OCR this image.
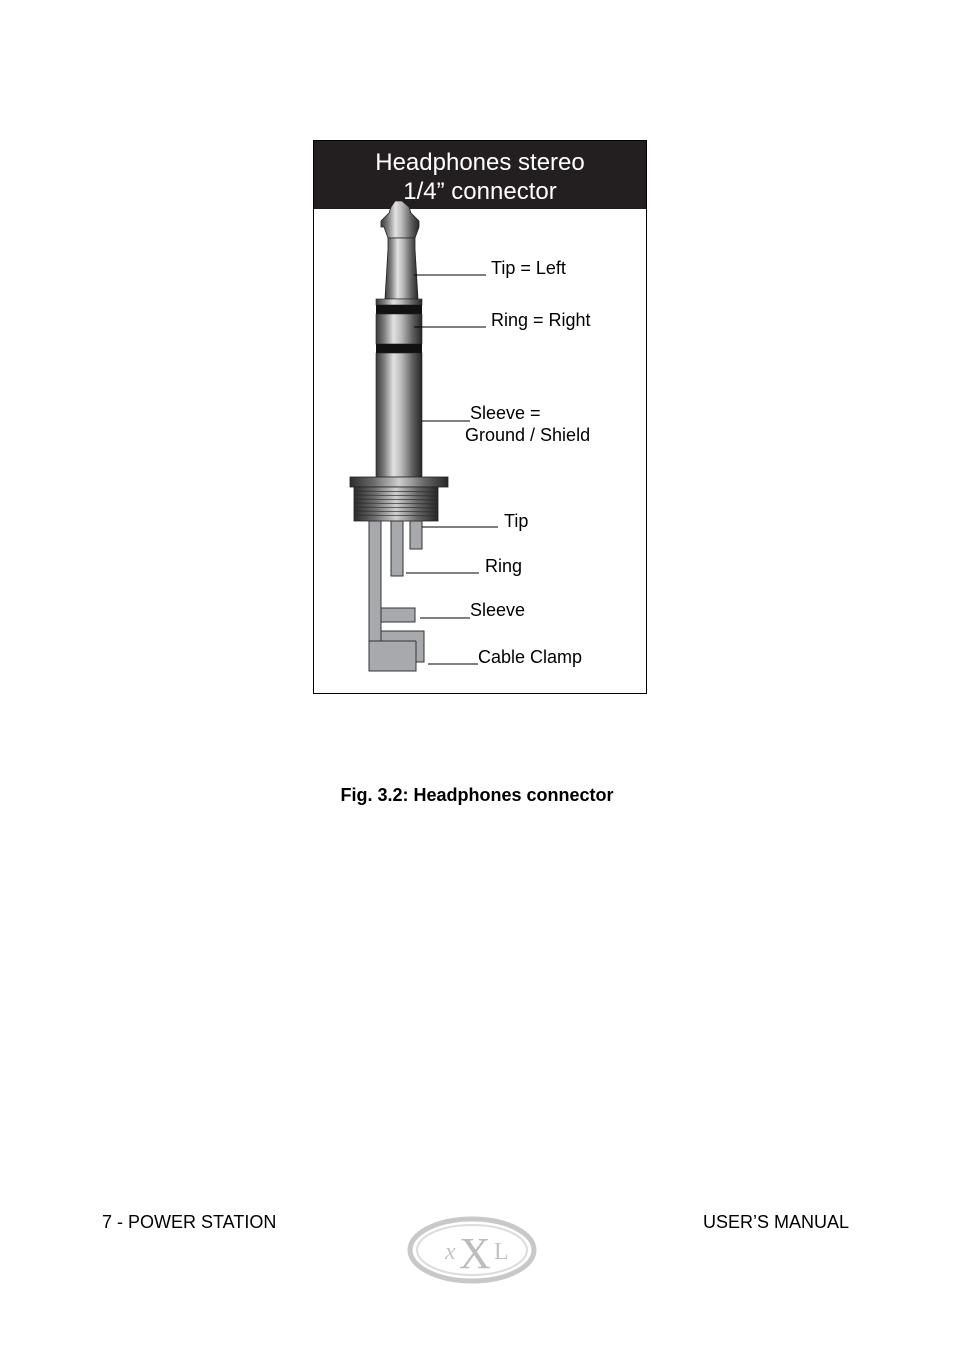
Headphones stereo
1/4” connector
Tip = Left
Ring = Right
Sleeve =
Ground / Shield
Tip
Ring
Sleeve
Cable Clamp
Fig. 3.2: Headphones connector
7 - POWER STATION	USER’S MANUAL
x X L
